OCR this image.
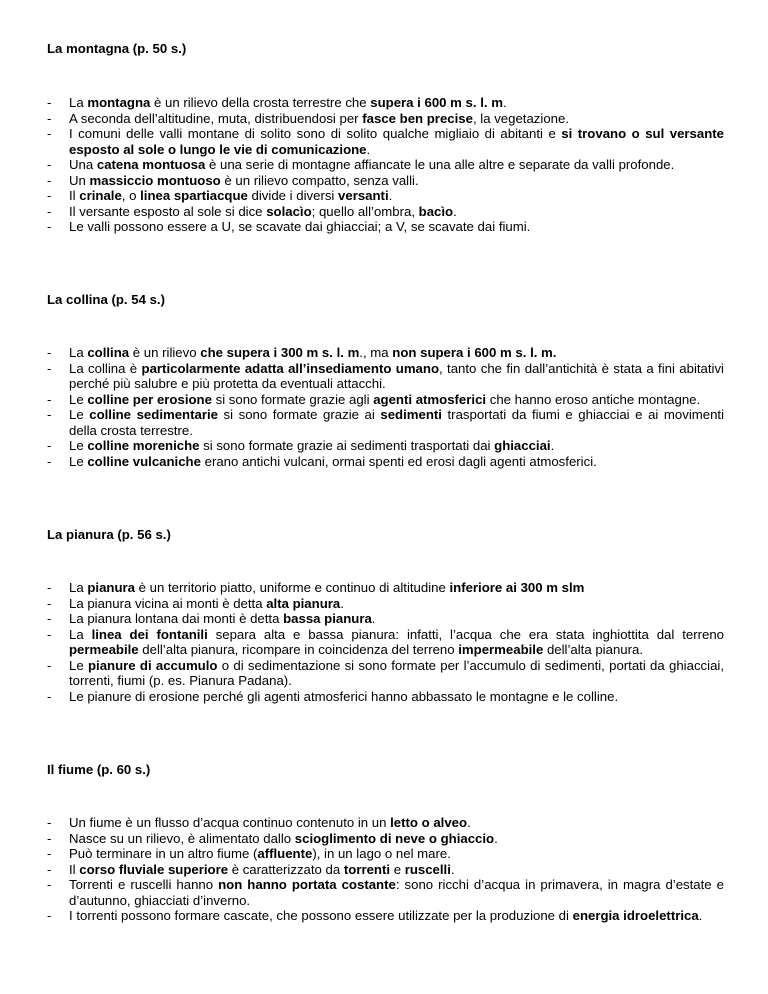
La montagna (p. 50 s.)

- La montagna è un rilievo della crosta terrestre che supera i 600 m s. l. m.
- A seconda dell’altitudine, muta, distribuendosi per fasce ben precise, la vegetazione.
- I comuni delle valli montane di solito sono di solito qualche migliaio di abitanti e si trovano o sul versante esposto al sole o lungo le vie di comunicazione.
- Una catena montuosa è una serie di montagne affiancate le una alle altre e separate da valli profonde.
- Un massiccio montuoso è un rilievo compatto, senza valli.
- Il crinale, o linea spartiacque divide i diversi versanti.
- Il versante esposto al sole si dice solacìo; quello all’ombra, bacìo.
- Le valli possono essere a U, se scavate dai ghiacciai; a V, se scavate dai fiumi.

La collina (p. 54 s.)

- La collina è un rilievo che supera i 300 m s. l. m., ma non supera i 600 m s. l. m.
- La collina è particolarmente adatta all’insediamento umano, tanto che fin dall’antichità è stata a fini abitativi perché più salubre e più protetta da eventuali attacchi.
- Le colline per erosione si sono formate grazie agli agenti atmosferici che hanno eroso antiche montagne.
- Le colline sedimentarie si sono formate grazie ai sedimenti trasportati da fiumi e ghiacciai e ai movimenti della crosta terrestre.
- Le colline moreniche si sono formate grazie ai sedimenti trasportati dai ghiacciai.
- Le colline vulcaniche erano antichi vulcani, ormai spenti ed erosi dagli agenti atmosferici.

La pianura (p. 56 s.)

- La pianura è un territorio piatto, uniforme e continuo di altitudine inferiore ai 300 m slm
- La pianura vicina ai monti è detta alta pianura.
- La pianura lontana dai monti è detta bassa pianura.
- La linea dei fontanili separa alta e bassa pianura: infatti, l’acqua che era stata inghiottita dal terreno permeabile dell’alta pianura, ricompare in coincidenza del terreno impermeabile dell’alta pianura.
- Le pianure di accumulo o di sedimentazione si sono formate per l’accumulo di sedimenti, portati da ghiacciai, torrenti, fiumi (p. es. Pianura Padana).
- Le pianure di erosione perché gli agenti atmosferici hanno abbassato le montagne e le colline.

Il fiume (p. 60 s.)

- Un fiume è un flusso d’acqua continuo contenuto in un letto o alveo.
- Nasce su un rilievo, è alimentato dallo scioglimento di neve o ghiaccio.
- Può terminare in un altro fiume (affluente), in un lago o nel mare.
- Il corso fluviale superiore è caratterizzato da torrenti e ruscelli.
- Torrenti e ruscelli hanno non hanno portata costante: sono ricchi d’acqua in primavera, in magra d’estate e d’autunno, ghiacciati d’inverno.
- I torrenti possono formare cascate, che possono essere utilizzate per la produzione di energia idroelettrica.
